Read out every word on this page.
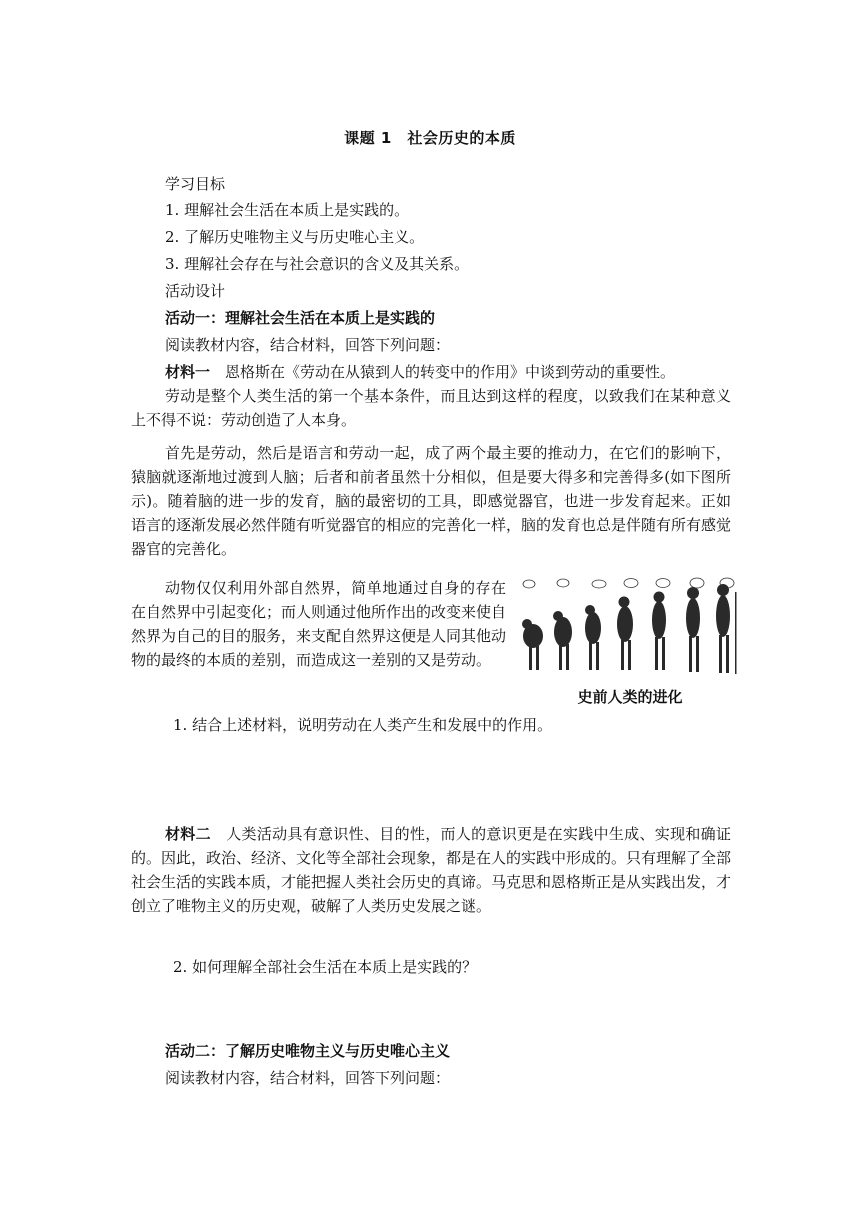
课题 1　社会历史的本质
学习目标
1. 理解社会生活在本质上是实践的。
2. 了解历史唯物主义与历史唯心主义。
3. 理解社会存在与社会意识的含义及其关系。
活动设计
活动一：理解社会生活在本质上是实践的
阅读教材内容，结合材料，回答下列问题：
材料一　恩格斯在《劳动在从猿到人的转变中的作用》中谈到劳动的重要性。
劳动是整个人类生活的第一个基本条件，而且达到这样的程度，以致我们在某种意义上不得不说：劳动创造了人本身。
首先是劳动，然后是语言和劳动一起，成了两个最主要的推动力，在它们的影响下，猿脑就逐渐地过渡到人脑；后者和前者虽然十分相似，但是要大得多和完善得多(如下图所示)。随着脑的进一步的发育，脑的最密切的工具，即感觉器官，也进一步发育起来。正如语言的逐渐发展必然伴随有听觉器官的相应的完善化一样，脑的发育也总是伴随有所有感觉器官的完善化。
动物仅仅利用外部自然界，简单地通过自身的存在在自然界中引起变化；而人则通过他所作出的改变来使自然界为自己的目的服务，来支配自然界这便是人同其他动物的最终的本质的差别，而造成这一差别的又是劳动。
史前人类的进化
1. 结合上述材料，说明劳动在人类产生和发展中的作用。
材料二　人类活动具有意识性、目的性，而人的意识更是在实践中生成、实现和确证的。因此，政治、经济、文化等全部社会现象，都是在人的实践中形成的。只有理解了全部社会生活的实践本质，才能把握人类社会历史的真谛。马克思和恩格斯正是从实践出发，才创立了唯物主义的历史观，破解了人类历史发展之谜。
2. 如何理解全部社会生活在本质上是实践的？
活动二：了解历史唯物主义与历史唯心主义
阅读教材内容，结合材料，回答下列问题：
